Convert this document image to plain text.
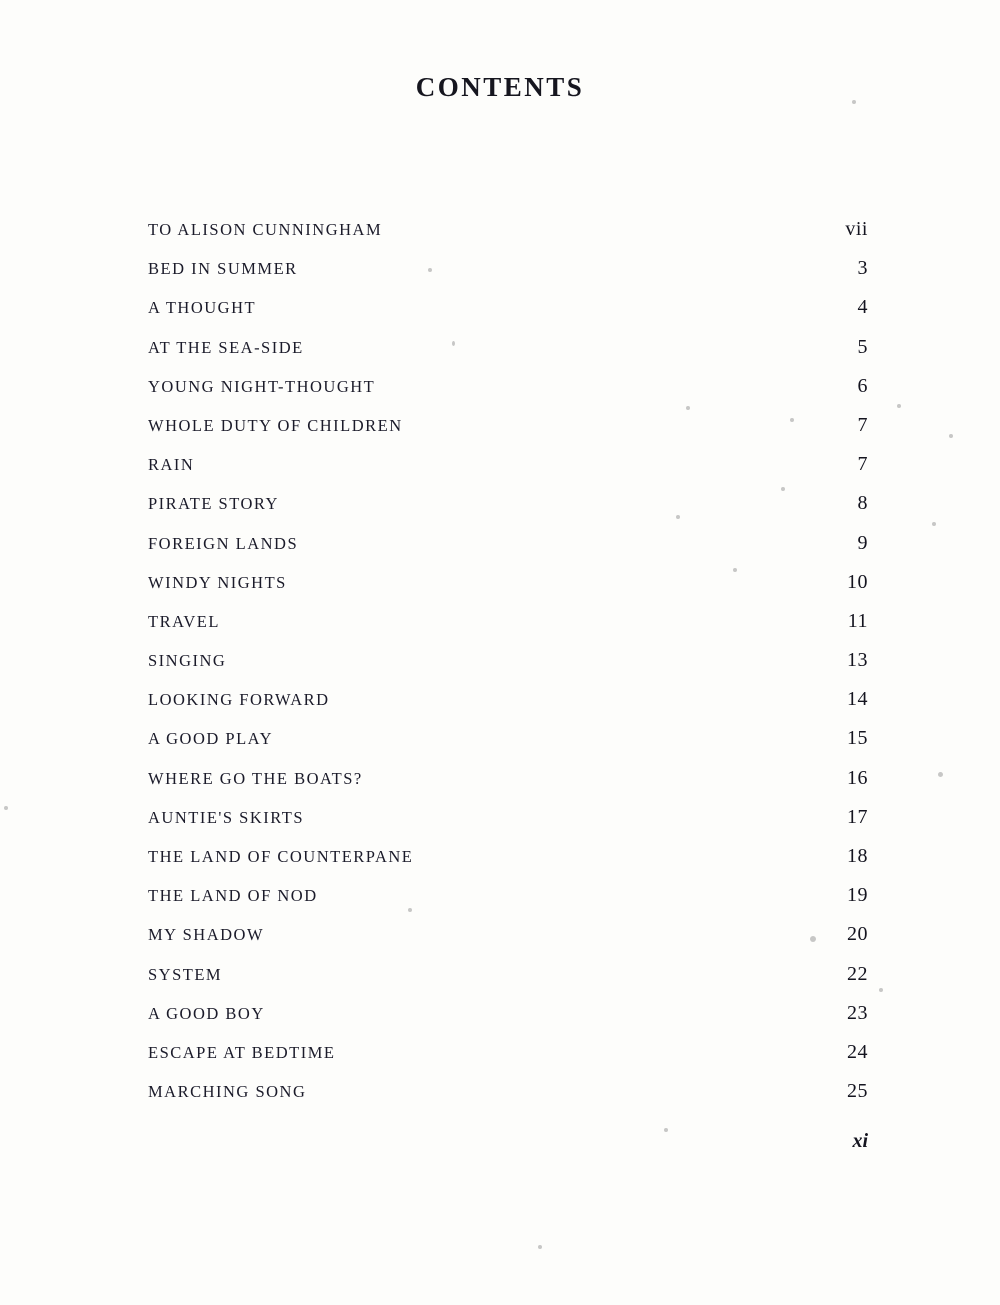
CONTENTS
TO ALISON CUNNINGHAM	vii
BED IN SUMMER	3
A THOUGHT	4
AT THE SEA-SIDE	5
YOUNG NIGHT-THOUGHT	6
WHOLE DUTY OF CHILDREN	7
RAIN	7
PIRATE STORY	8
FOREIGN LANDS	9
WINDY NIGHTS	10
TRAVEL	11
SINGING	13
LOOKING FORWARD	14
A GOOD PLAY	15
WHERE GO THE BOATS?	16
AUNTIE'S SKIRTS	17
THE LAND OF COUNTERPANE	18
THE LAND OF NOD	19
MY SHADOW	20
SYSTEM	22
A GOOD BOY	23
ESCAPE AT BEDTIME	24
MARCHING SONG	25
xi
